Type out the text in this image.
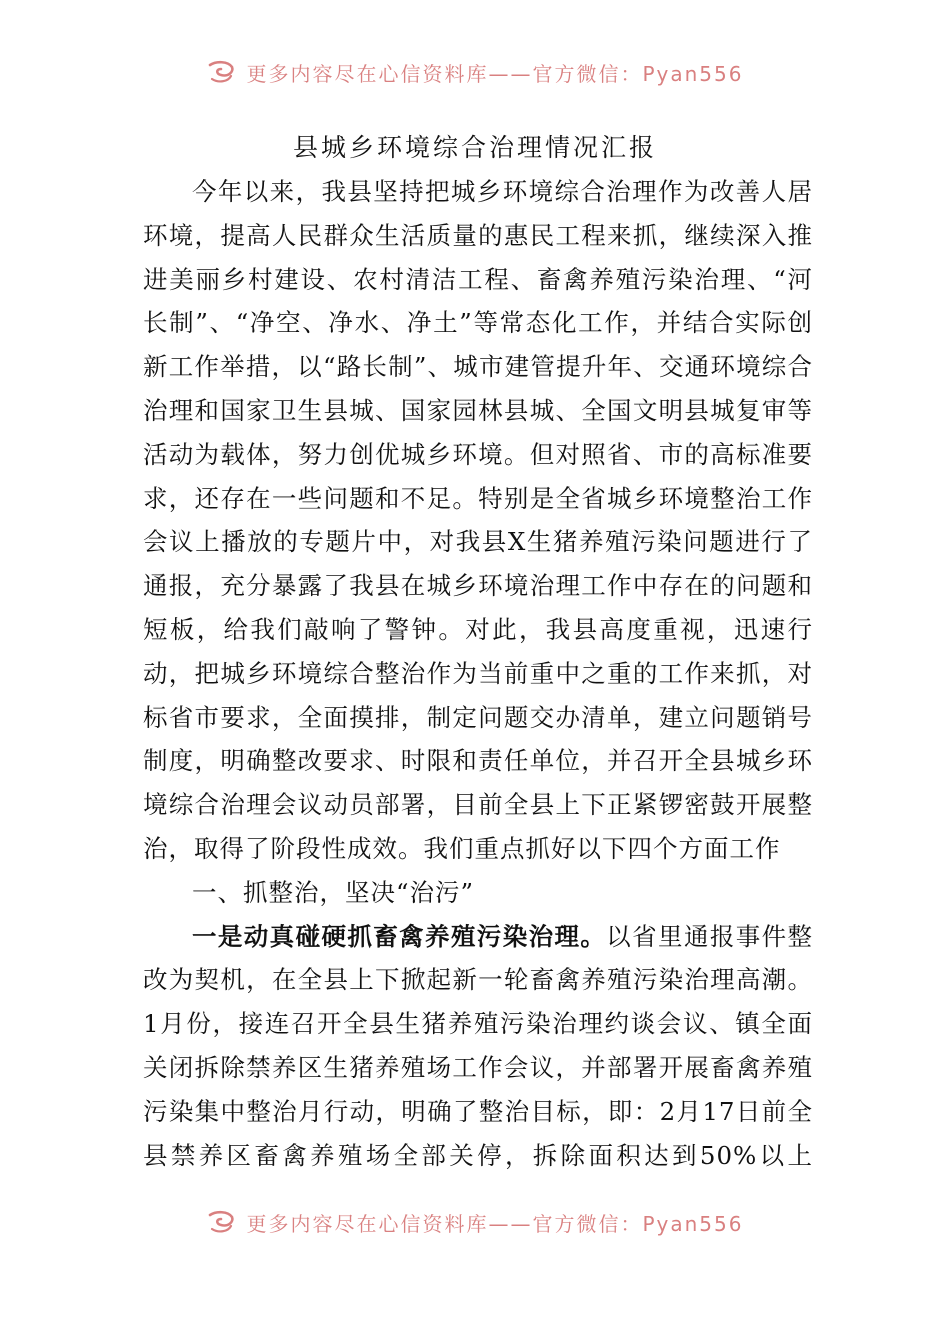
更多内容尽在心信资料库——官方微信：Pyan556
县城乡环境综合治理情况汇报

今年以来，我县坚持把城乡环境综合治理作为改善人居环境，提高人民群众生活质量的惠民工程来抓，继续深入推进美丽乡村建设、农村清洁工程、畜禽养殖污染治理、“河长制”、“净空、净水、净土”等常态化工作，并结合实际创新工作举措，以“路长制”、城市建管提升年、交通环境综合治理和国家卫生县城、国家园林县城、全国文明县城复审等活动为载体，努力创优城乡环境。但对照省、市的高标准要求，还存在一些问题和不足。特别是全省城乡环境整治工作会议上播放的专题片中，对我县X生猪养殖污染问题进行了通报，充分暴露了我县在城乡环境治理工作中存在的问题和短板，给我们敲响了警钟。对此，我县高度重视，迅速行动，把城乡环境综合整治作为当前重中之重的工作来抓，对标省市要求，全面摸排，制定问题交办清单，建立问题销号制度，明确整改要求、时限和责任单位，并召开全县城乡环境综合治理会议动员部署，目前全县上下正紧锣密鼓开展整治，取得了阶段性成效。我们重点抓好以下四个方面工作

一、抓整治，坚决“治污”

一是动真碰硬抓畜禽养殖污染治理。以省里通报事件整改为契机，在全县上下掀起新一轮畜禽养殖污染治理高潮。1月份，接连召开全县生猪养殖污染治理约谈会议、镇全面关闭拆除禁养区生猪养殖场工作会议，并部署开展畜禽养殖污染集中整治月行动，明确了整治目标，即：2月17日前全县禁养区畜禽养殖场全部关停，拆除面积达到50%以上

更多内容尽在心信资料库——官方微信：Pyan556
